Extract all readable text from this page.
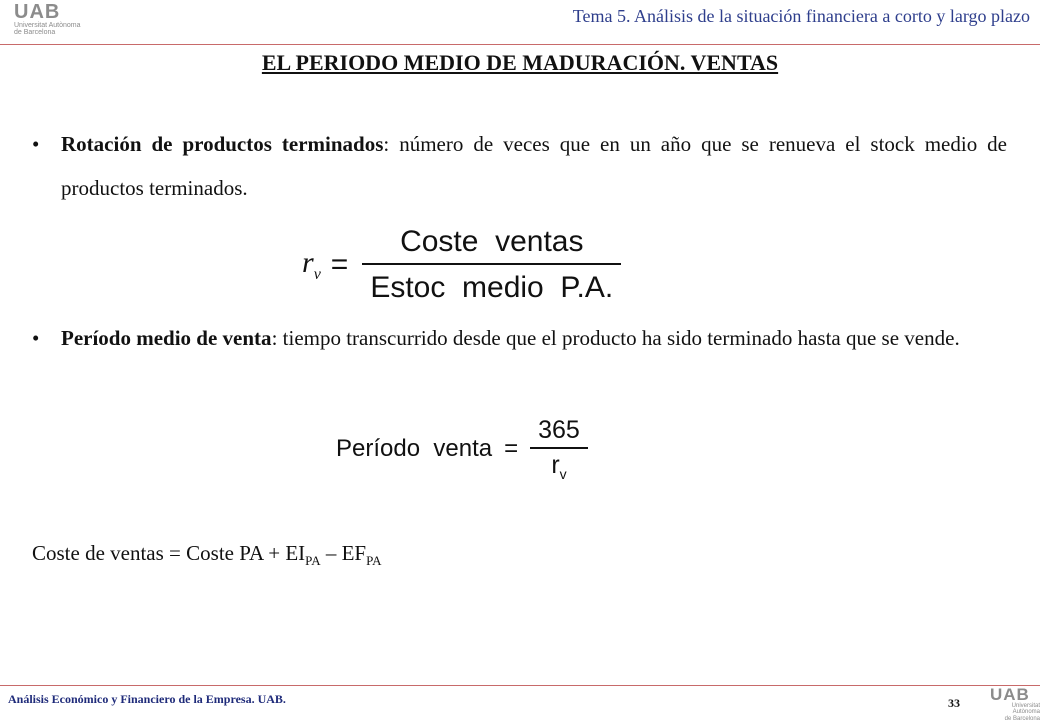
UAB
Universitat Autònoma
de Barcelona
Tema 5. Análisis de la situación financiera a corto y largo plazo
EL PERIODO MEDIO DE MADURACIÓN. VENTAS
• Rotación de productos terminados: número de veces que en un año que se renueva el stock medio de productos terminados.
$r_v = \frac{\text{Coste  ventas}}{\text{Estoc  medio  P.A.}}$
• Período medio de venta: tiempo transcurrido desde que el producto ha sido terminado hasta que se vende.
Período  venta = $\frac{365}{r_v}$
Coste de ventas = Coste PA + $EI_{PA} - EF_{PA}$
Análisis Económico y Financiero de la Empresa. UAB.	33 UAB
Universitat Autònoma
de Barcelona
